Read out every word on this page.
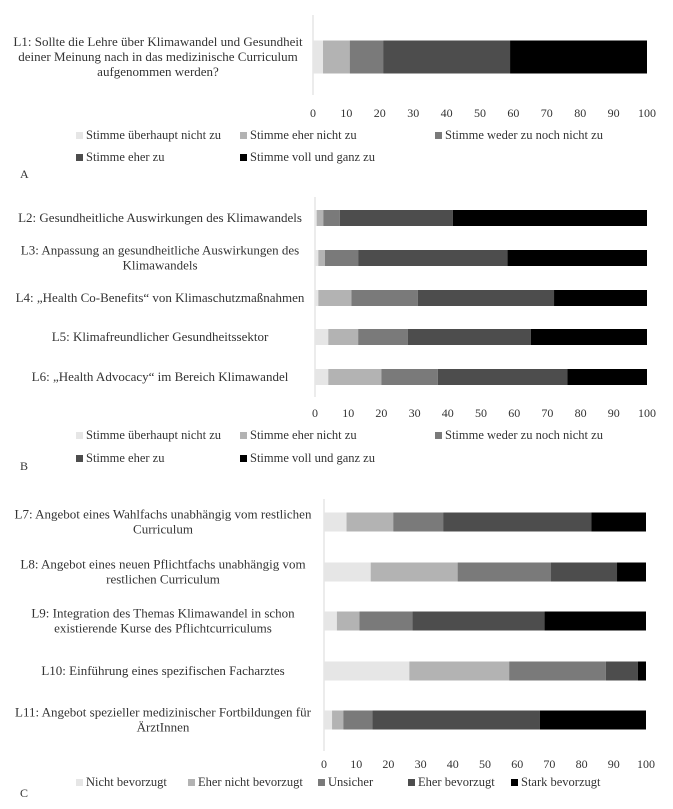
L1: Sollte die Lehre über Klimawandel und Gesundheit deiner Meinung nach in das medizinische Curriculum aufgenommen werden?
0 10 20 30 40 50 60 70 80 90 100
Stimme überhaupt nicht zu Stimme eher nicht zu	Stimme weder zu noch nicht zu
Stimme eher zu	Stimme voll und ganz zu
A
L2: Gesundheitliche Auswirkungen des Klimawandels
L3: Anpassung an gesundheitliche Auswirkungen des Klimawandels
L4: „Health Co-Benefits“ von Klimaschutzmaßnahmen
L5: Klimafreundlicher Gesundheitssektor
L6: „Health Advocacy“ im Bereich Klimawandel
0 10 20 30 40 50 60 70 80 90 100
Stimme überhaupt nicht zu Stimme eher nicht zu	Stimme weder zu noch nicht zu
Stimme eher zu	Stimme voll und ganz zu
B
L7: Angebot eines Wahlfachs unabhängig vom restlichen Curriculum
L8: Angebot eines neuen Pflichtfachs unabhängig vom restlichen Curriculum
L9: Integration des Themas Klimawandel in schon existierende Kurse des Pflichtcurriculums
L10: Einführung eines spezifischen Facharztes
L11: Angebot spezieller medizinischer Fortbildungen für ÄrztInnen
0 10 20 30 40 50 60 70 80 90 100
Nicht bevorzugt Eher nicht bevorzugt Unsicher	Eher bevorzugt Stark bevorzugt
C
